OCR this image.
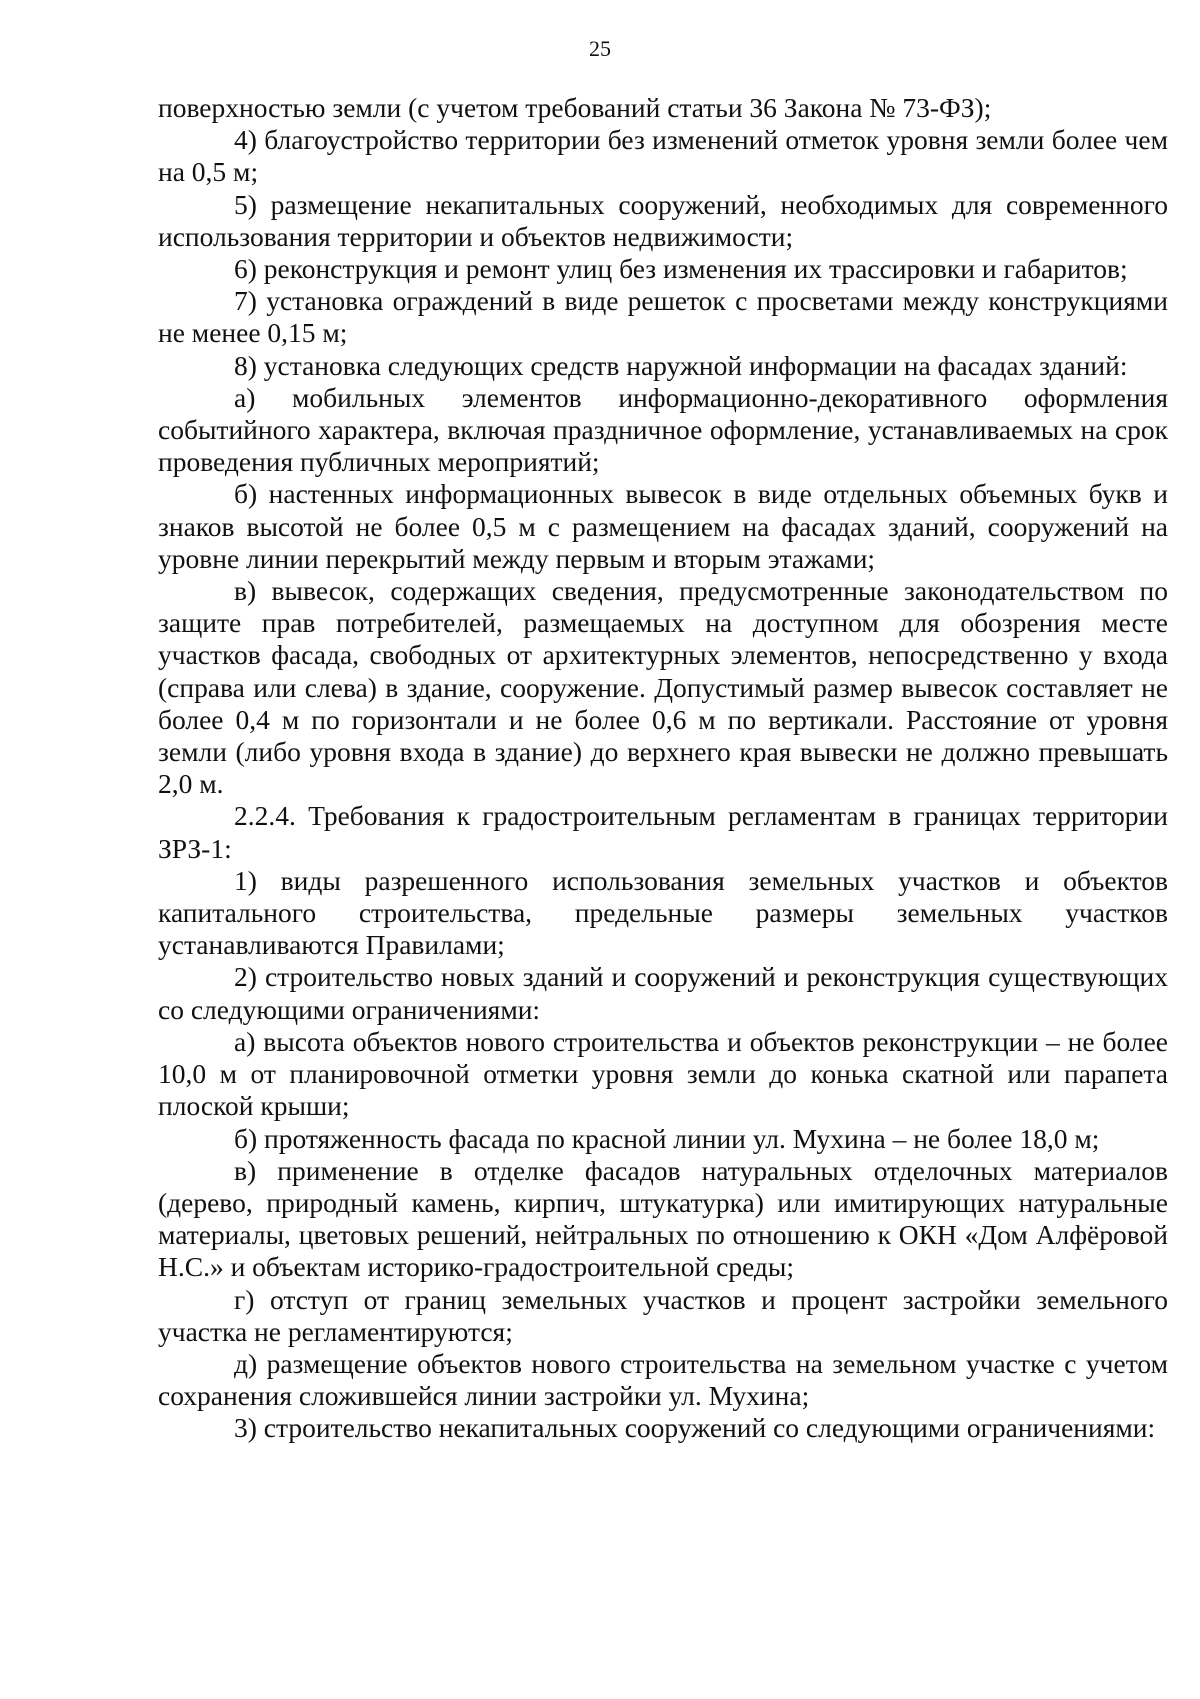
25

поверхностью земли (с учетом требований статьи 36 Закона № 73-ФЗ);

4) благоустройство территории без изменений отметок уровня земли более чем на 0,5 м;

5) размещение некапитальных сооружений, необходимых для современного использования территории и объектов недвижимости;

6) реконструкция и ремонт улиц без изменения их трассировки и габаритов;

7) установка ограждений в виде решеток с просветами между конструкциями не менее 0,15 м;

8) установка следующих средств наружной информации на фасадах зданий:

а) мобильных элементов информационно-декоративного оформления событийного характера, включая праздничное оформление, устанавливаемых на срок проведения публичных мероприятий;

б) настенных информационных вывесок в виде отдельных объемных букв и знаков высотой не более 0,5 м с размещением на фасадах зданий, сооружений на уровне линии перекрытий между первым и вторым этажами;

в) вывесок, содержащих сведения, предусмотренные законодательством по защите прав потребителей, размещаемых на доступном для обозрения месте участков фасада, свободных от архитектурных элементов, непосредственно у входа (справа или слева) в здание, сооружение. Допустимый размер вывесок составляет не более 0,4 м по горизонтали и не более 0,6 м по вертикали. Расстояние от уровня земли (либо уровня входа в здание) до верхнего края вывески не должно превышать 2,0 м.

2.2.4. Требования к градостроительным регламентам в границах территории ЗРЗ-1:

1) виды разрешенного использования земельных участков и объектов капитального строительства, предельные размеры земельных участков устанавливаются Правилами;

2) строительство новых зданий и сооружений и реконструкция существующих со следующими ограничениями:

а) высота объектов нового строительства и объектов реконструкции – не более 10,0 м от планировочной отметки уровня земли до конька скатной или парапета плоской крыши;

б) протяженность фасада по красной линии ул. Мухина – не более 18,0 м;

в) применение в отделке фасадов натуральных отделочных материалов (дерево, природный камень, кирпич, штукатурка) или имитирующих натуральные материалы, цветовых решений, нейтральных по отношению к ОКН «Дом Алфёровой Н.С.» и объектам историко-градостроительной среды;

г) отступ от границ земельных участков и процент застройки земельного участка не регламентируются;

д) размещение объектов нового строительства на земельном участке с учетом сохранения сложившейся линии застройки ул. Мухина;

3) строительство некапитальных сооружений со следующими ограничениями:
